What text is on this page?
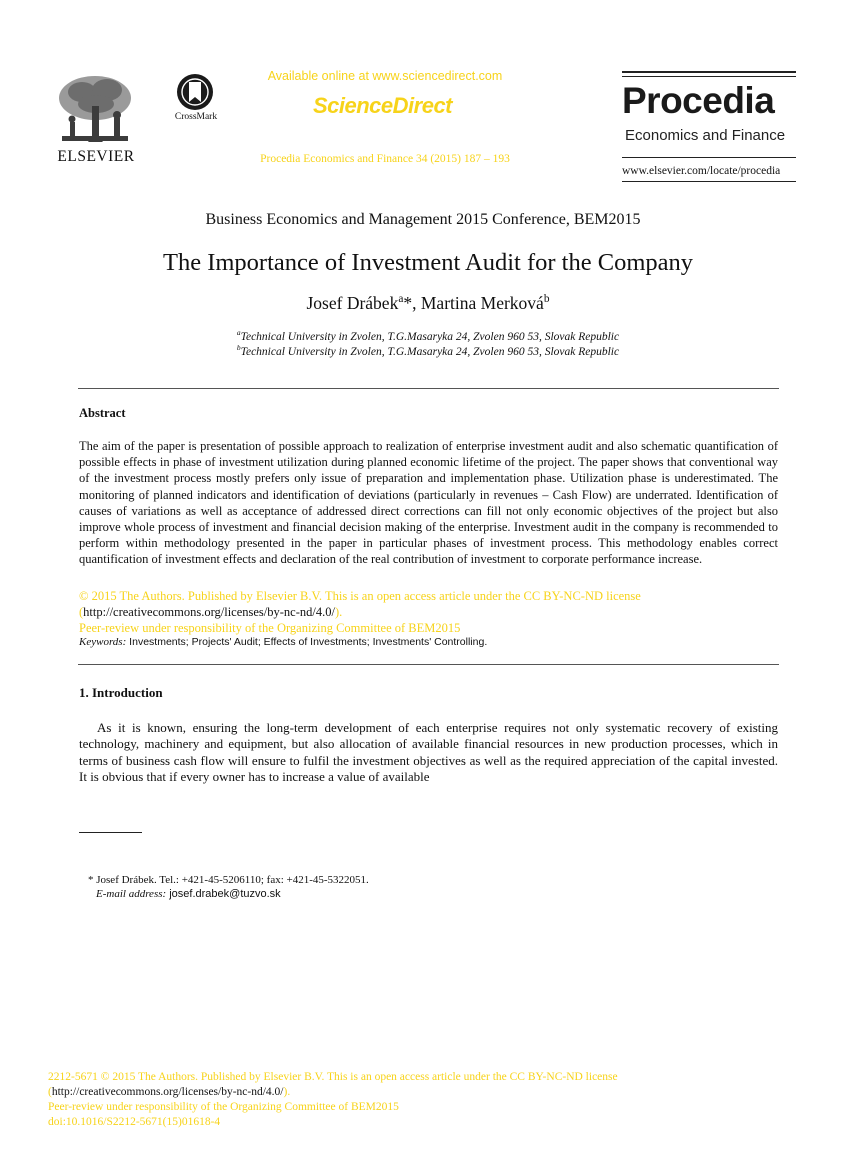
ELSEVIER
CrossMark
Available online at www.sciencedirect.com
ScienceDirect
Procedia Economics and Finance 34 (2015) 187 – 193
Procedia
Economics and Finance
www.elsevier.com/locate/procedia
Business Economics and Management 2015 Conference, BEM2015
The Importance of Investment Audit for the Company
Josef Drábek$^a$*, Martina Merková$^b$
$^a$Technical University in Zvolen, T.G.Masaryka 24, Zvolen 960 53, Slovak Republic
$^b$Technical University in Zvolen, T.G.Masaryka 24, Zvolen 960 53, Slovak Republic
Abstract
The aim of the paper is presentation of possible approach to realization of enterprise investment audit and also schematic quantification of possible effects in phase of investment utilization during planned economic lifetime of the project. The paper shows that conventional way of the investment process mostly prefers only issue of preparation and implementation phase. Utilization phase is underestimated. The monitoring of planned indicators and identification of deviations (particularly in revenues – Cash Flow) are underrated. Identification of causes of variations as well as acceptance of addressed direct corrections can fill not only economic objectives of the project but also improve whole process of investment and financial decision making of the enterprise. Investment audit in the company is recommended to perform within methodology presented in the paper in particular phases of investment process. This methodology enables correct quantification of investment effects and declaration of the real contribution of investment to corporate performance increase.
© 2015 The Authors. Published by Elsevier B.V. This is an open access article under the CC BY-NC-ND license
(http://creativecommons.org/licenses/by-nc-nd/4.0/).
Peer-review under responsibility of the Organizing Committee of BEM2015
Keywords: Investments; Projects' Audit; Effects of Investments; Investments' Controlling.
1. Introduction
As it is known, ensuring the long-term development of each enterprise requires not only systematic recovery of existing technology, machinery and equipment, but also allocation of available financial resources in new production processes, which in terms of business cash flow will ensure to fulfil the investment objectives as well as the required appreciation of the capital invested. It is obvious that if every owner has to increase a value of available
* Josef Drábek. Tel.: +421-45-5206110; fax: +421-45-5322051.
E-mail address: josef.drabek@tuzvo.sk
2212-5671 © 2015 The Authors. Published by Elsevier B.V. This is an open access article under the CC BY-NC-ND license
(http://creativecommons.org/licenses/by-nc-nd/4.0/).
Peer-review under responsibility of the Organizing Committee of BEM2015
doi:10.1016/S2212-5671(15)01618-4
